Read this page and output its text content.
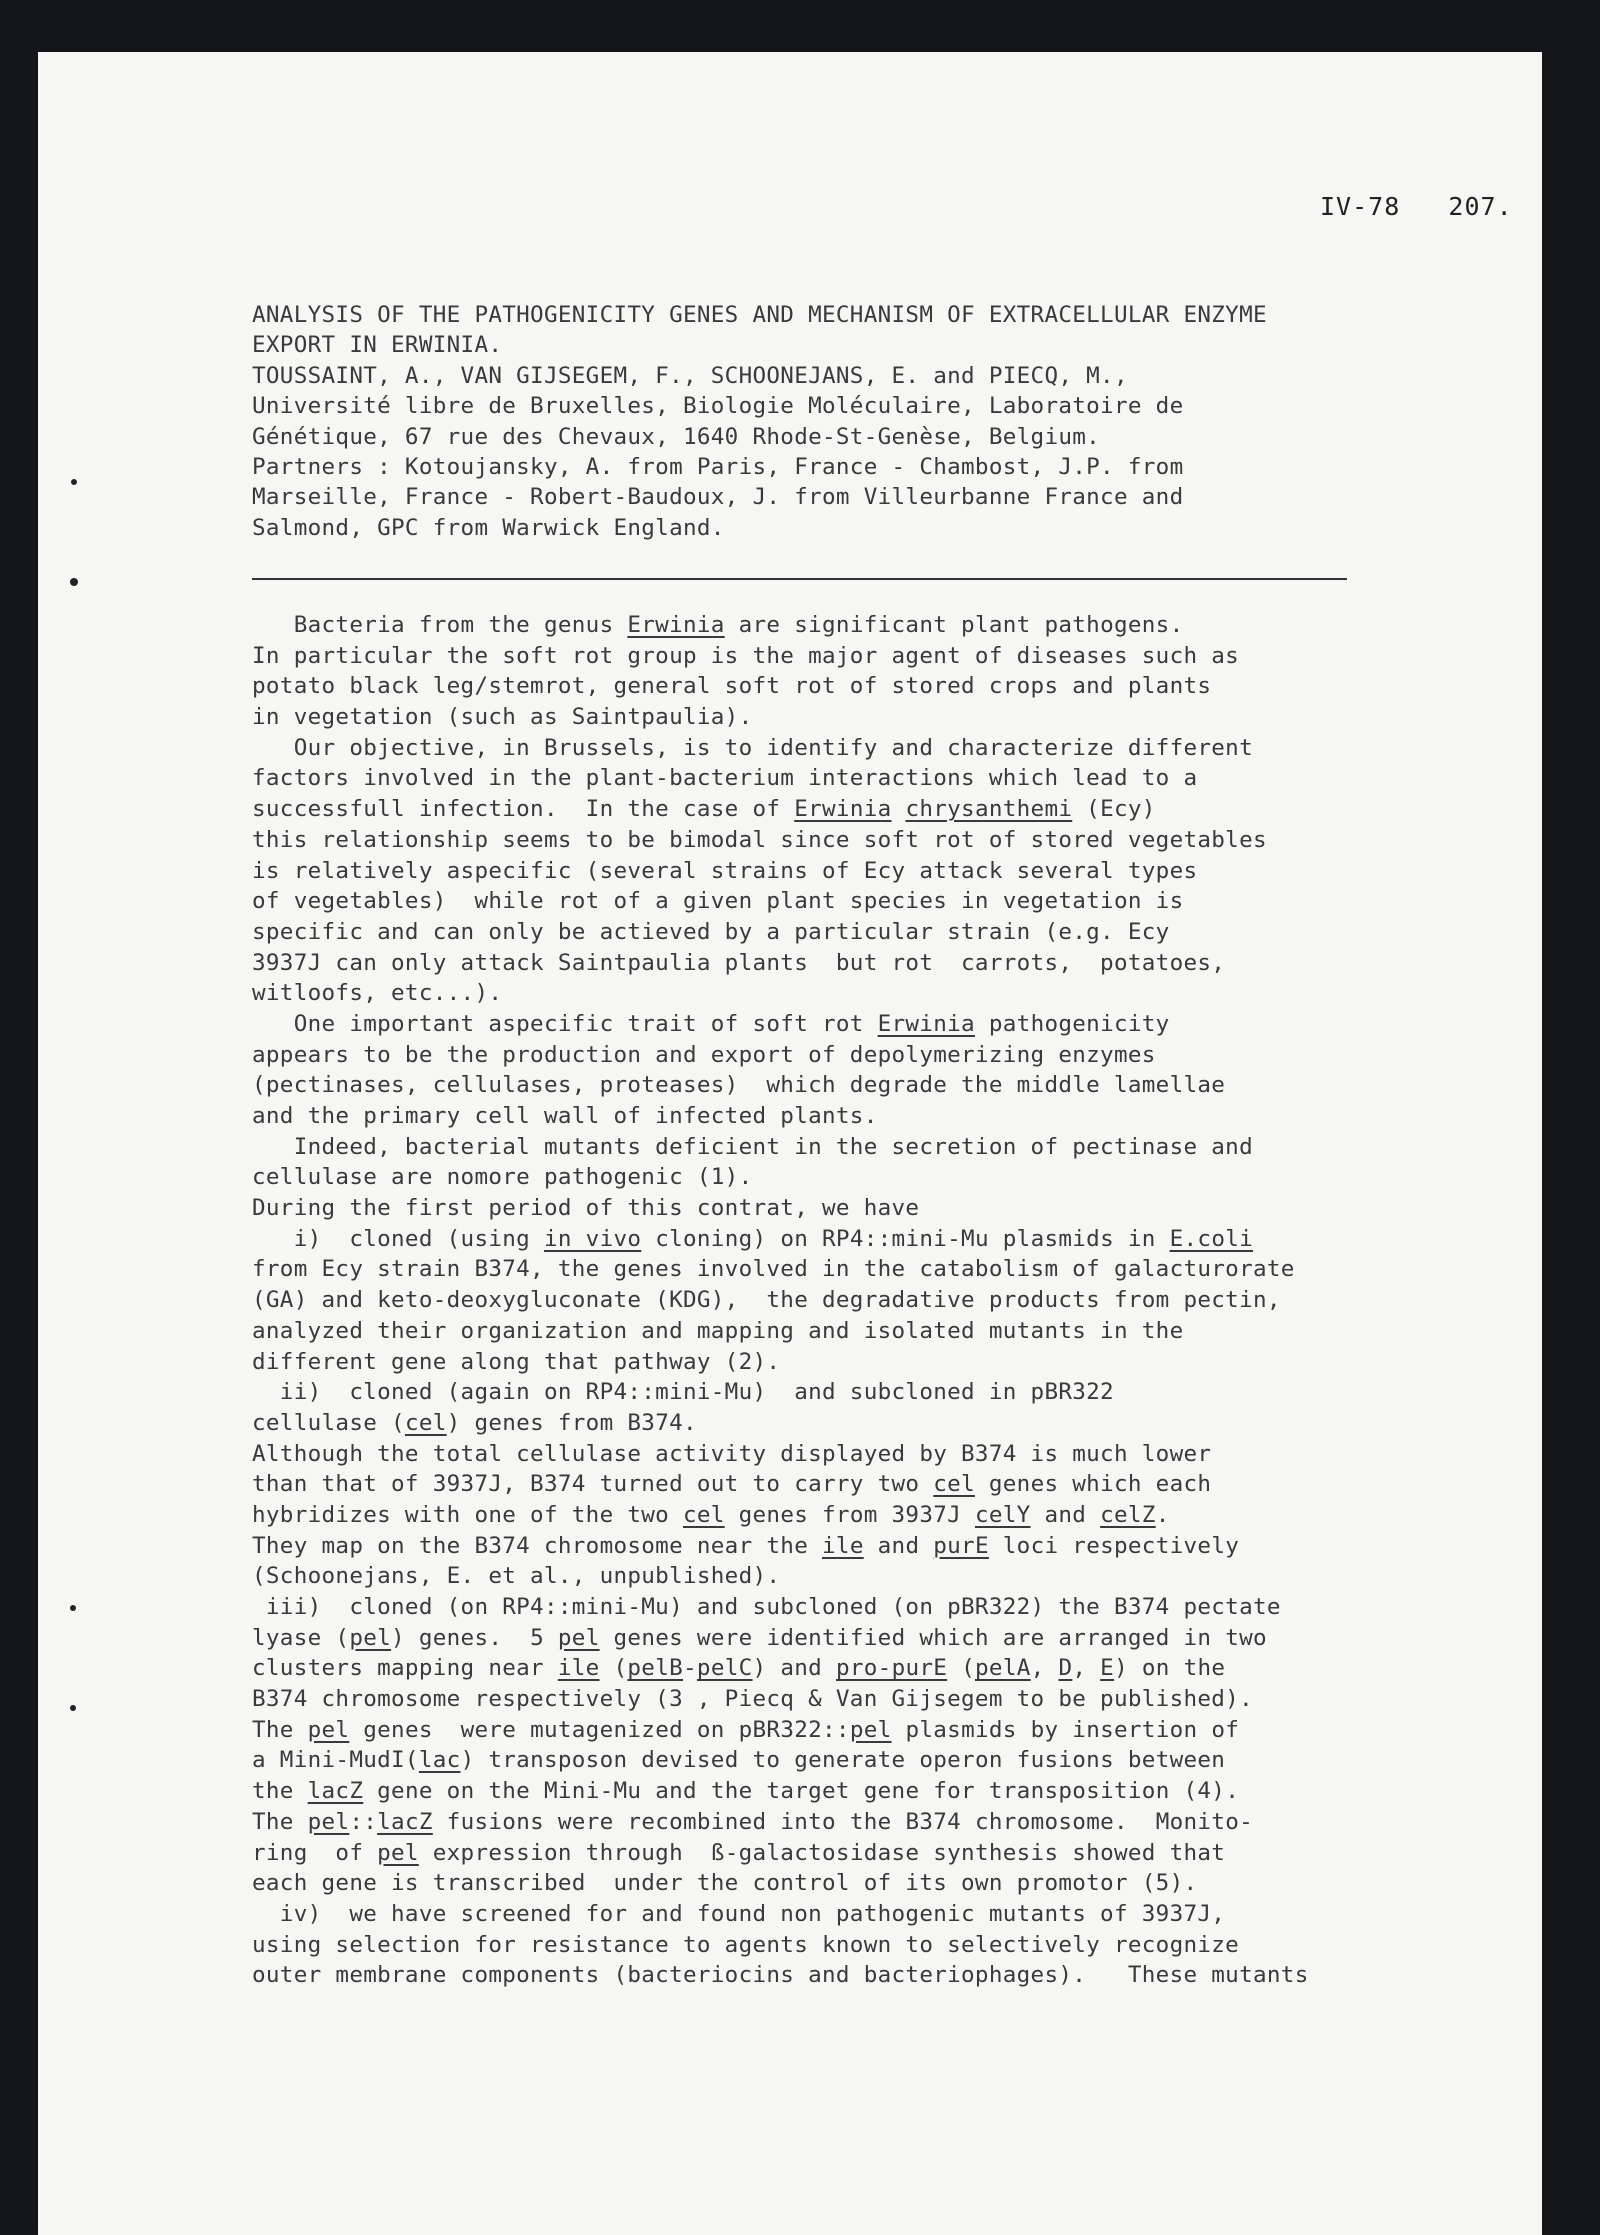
IV-78 207.
ANALYSIS OF THE PATHOGENICITY GENES AND MECHANISM OF EXTRACELLULAR ENZYME
EXPORT IN ERWINIA.
TOUSSAINT, A., VAN GIJSEGEM, F., SCHOONEJANS, E. and PIECQ, M.,
Université libre de Bruxelles, Biologie Moléculaire, Laboratoire de
Génétique, 67 rue des Chevaux, 1640 Rhode-St-Genèse, Belgium.
Partners : Kotoujansky, A. from Paris, France - Chambost, J.P. from
Marseille, France - Robert-Baudoux, J. from Villeurbanne France and
Salmond, GPC from Warwick England.
Bacteria from the genus Erwinia are significant plant pathogens.
In particular the soft rot group is the major agent of diseases such as
potato black leg/stemrot, general soft rot of stored crops and plants
in vegetation (such as Saintpaulia).
Our objective, in Brussels, is to identify and characterize different
factors involved in the plant-bacterium interactions which lead to a
successfull infection.  In the case of Erwinia chrysanthemi (Ecy)
this relationship seems to be bimodal since soft rot of stored vegetables
is relatively aspecific (several strains of Ecy attack several types
of vegetables)  while rot of a given plant species in vegetation is
specific and can only be actieved by a particular strain (e.g. Ecy
3937J can only attack Saintpaulia plants  but rot  carrots,  potatoes,
witloofs, etc...).
One important aspecific trait of soft rot Erwinia pathogenicity
appears to be the production and export of depolymerizing enzymes
(pectinases, cellulases, proteases)  which degrade the middle lamellae
and the primary cell wall of infected plants.
Indeed, bacterial mutants deficient in the secretion of pectinase and
cellulase are nomore pathogenic (1).
During the first period of this contrat, we have
i)  cloned (using in vivo cloning) on RP4::mini-Mu plasmids in E.coli
from Ecy strain B374, the genes involved in the catabolism of galacturorate
(GA) and keto-deoxygluconate (KDG),  the degradative products from pectin,
analyzed their organization and mapping and isolated mutants in the
different gene along that pathway (2).
ii)  cloned (again on RP4::mini-Mu)  and subcloned in pBR322
cellulase (cel) genes from B374.
Although the total cellulase activity displayed by B374 is much lower
than that of 3937J, B374 turned out to carry two cel genes which each
hybridizes with one of the two cel genes from 3937J celY and celZ.
They map on the B374 chromosome near the ile and purE loci respectively
(Schoonejans, E. et al., unpublished).
iii)  cloned (on RP4::mini-Mu) and subcloned (on pBR322) the B374 pectate
lyase (pel) genes.  5 pel genes were identified which are arranged in two
clusters mapping near ile (pelB-pelC) and pro-purE (pelA, D, E) on the
B374 chromosome respectively (3 , Piecq & Van Gijsegem to be published).
The pel genes  were mutagenized on pBR322::pel plasmids by insertion of
a Mini-MudI(lac) transposon devised to generate operon fusions between
the lacZ gene on the Mini-Mu and the target gene for transposition (4).
The pel::lacZ fusions were recombined into the B374 chromosome.  Monito-
ring  of pel expression through  ß-galactosidase synthesis showed that
each gene is transcribed  under the control of its own promotor (5).
iv)  we have screened for and found non pathogenic mutants of 3937J,
using selection for resistance to agents known to selectively recognize
outer membrane components (bacteriocins and bacteriophages).   These mutants
